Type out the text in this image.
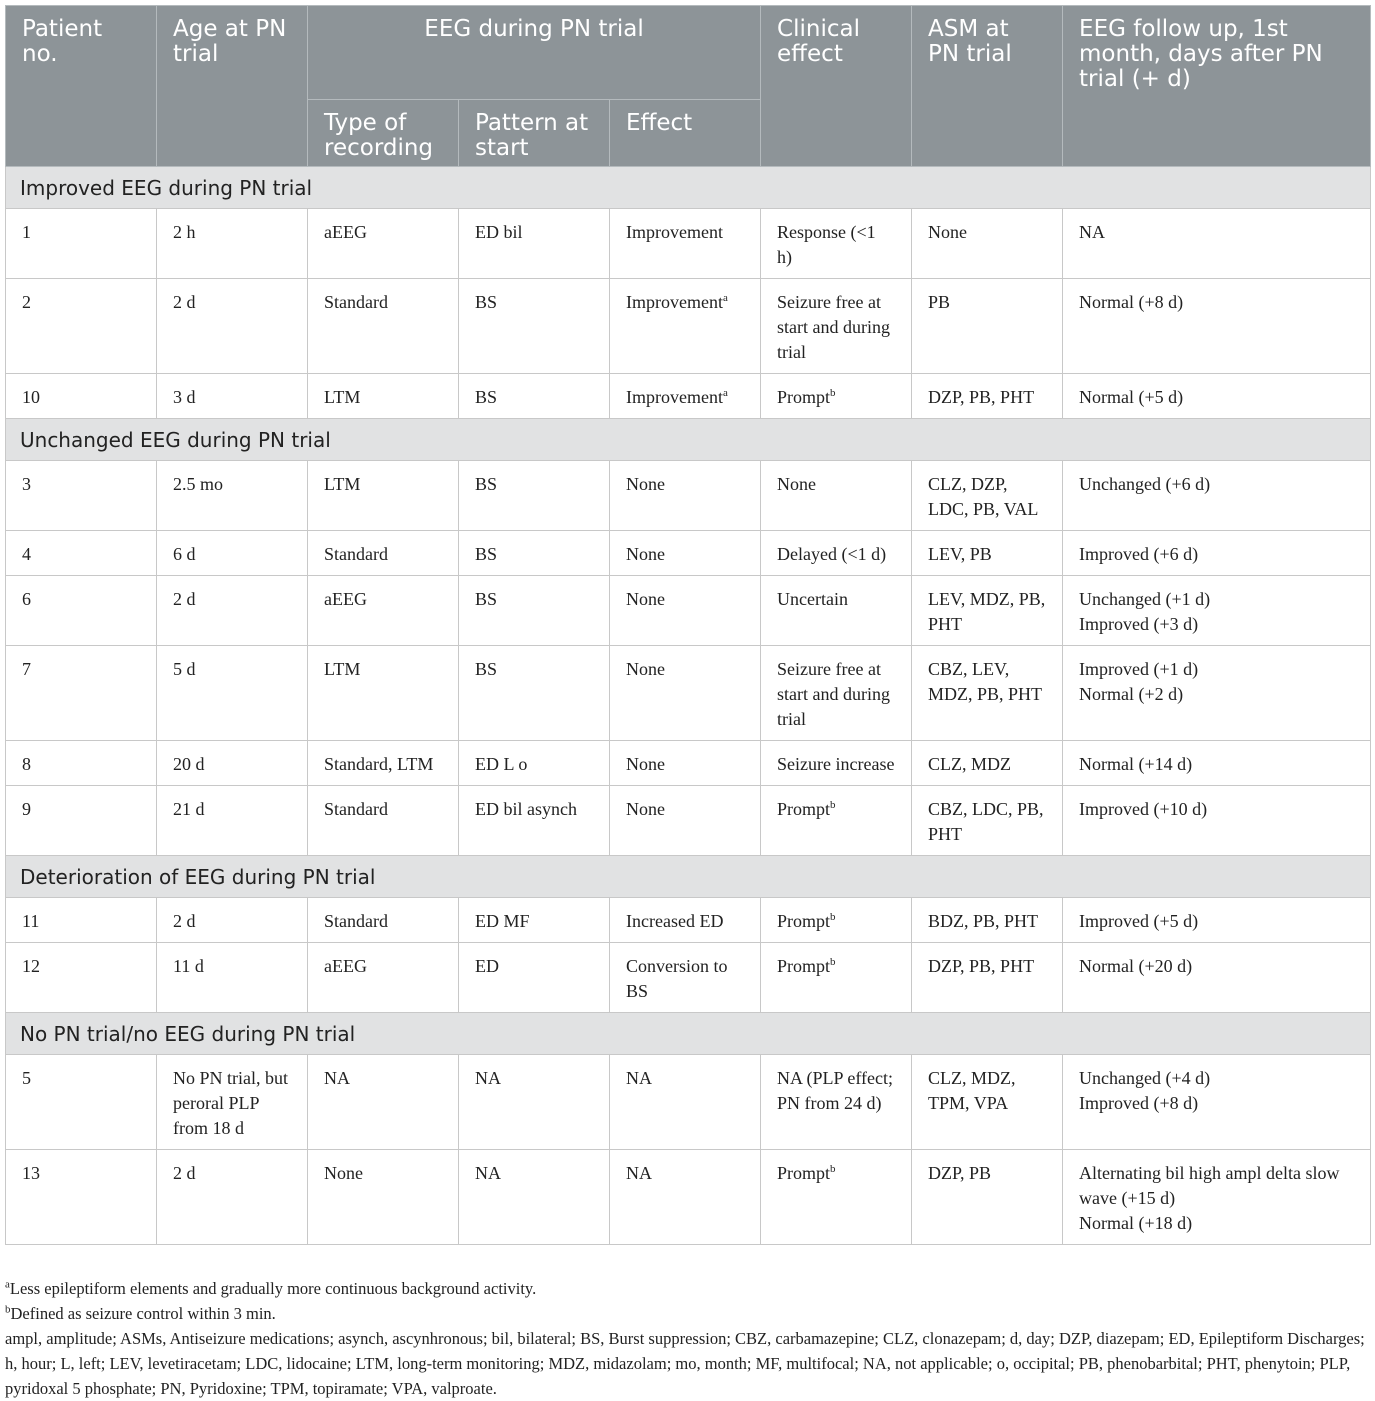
Patient no.	Age at PN trial	EEG during PN trial			Clinical effect	ASM at PN trial	EEG follow up, 1st month, days after PN trial (+ d)
		Type of recording	Pattern at start	Effect			
Improved EEG during PN trial							
1	2 h	aEEG	ED bil	Improvement	Response (<1 h)	None	NA

2	2 d	Standard	BS	Improvement$^a$	Seizure free at start and during trial	PB	Normal (+8 d)

10	3 d	LTM	BS	Improvement$^a$	Prompt$^b$	DZP, PB, PHT	Normal (+5 d)

Unchanged EEG during PN trial							
3	2.5 mo	LTM	BS	None	None	CLZ, DZP, LDC, PB, VAL	Unchanged (+6 d)

4	6 d	Standard	BS	None	Delayed (<1 d)	LEV, PB	Improved (+6 d)

6	2 d	aEEG	BS	None	Uncertain	LEV, MDZ, PB, PHT	Unchanged (+1 d)
Improved (+3 d)

7	5 d	LTM	BS	None	Seizure free at start and during trial	CBZ, LEV, MDZ, PB, PHT	Improved (+1 d)
Normal (+2 d)

8	20 d	Standard, LTM	ED L o	None	Seizure increase	CLZ, MDZ	Normal (+14 d)

9	21 d	Standard	ED bil asynch	None	Prompt$^b$	CBZ, LDC, PB, PHT	Improved (+10 d)

Deterioration of EEG during PN trial							
11	2 d	Standard	ED MF	Increased ED	Prompt$^b$	BDZ, PB, PHT	Improved (+5 d)

12	11 d	aEEG	ED	Conversion to BS	Prompt$^b$	DZP, PB, PHT	Normal (+20 d)

No PN trial/no EEG during PN trial							
5	No PN trial, but peroral PLP from 18 d	NA	NA	NA	NA (PLP effect; PN from 24 d)	CLZ, MDZ, TPM, VPA	Unchanged (+4 d)
Improved (+8 d)

13	2 d	None	NA	NA	Prompt$^b$	DZP, PB	Alternating bil high ampl delta slow wave (+15 d)
Normal (+18 d)

$^a$Less epileptiform elements and gradually more continuous background activity.

$^b$Defined as seizure control within 3 min.

ampl, amplitude; ASMs, Antiseizure medications; asynch, ascynhronous; bil, bilateral; BS, Burst suppression; CBZ, carbamazepine; CLZ, clonazepam; d, day; DZP, diazepam; ED, Epileptiform Discharges; h, hour; L, left; LEV, levetiracetam; LDC, lidocaine; LTM, long-term monitoring; MDZ, midazolam; mo, month; MF, multifocal; NA, not applicable; o, occipital; PB, phenobarbital; PHT, phenytoin; PLP, pyridoxal 5 phosphate; PN, Pyridoxine; TPM, topiramate; VPA, valproate.
